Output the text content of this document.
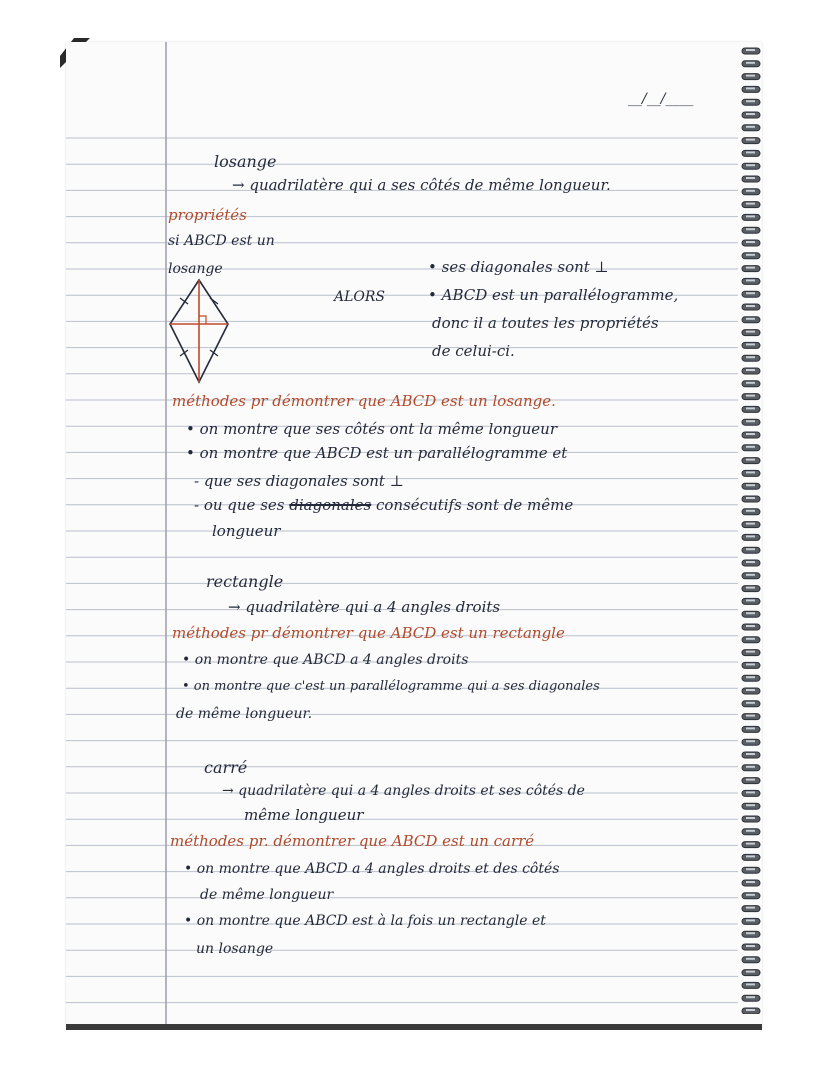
__/__/____
losange
→ quadrilatère qui a ses côtés de même longueur.
propriétés
si ABCD est un
losange
ALORS
• ses diagonales sont ⊥
• ABCD est un parallélogramme,
donc il a toutes les propriétés
de celui-ci.
méthodes pr démontrer que ABCD est un losange.
• on montre que ses côtés ont la même longueur
• on montre que ABCD est un parallélogramme et
- que ses diagonales sont ⊥
- ou que ses diagonales consécutifs sont de même
longueur
rectangle
→ quadrilatère qui a 4 angles droits
méthodes pr démontrer que ABCD est un rectangle
• on montre que ABCD a 4 angles droits
• on montre que c'est un parallélogramme qui a ses diagonales
de même longueur.
carré
→ quadrilatère qui a 4 angles droits et ses côtés de
même longueur
méthodes pr. démontrer que ABCD est un carré
• on montre que ABCD a 4 angles droits et des côtés
de même longueur
• on montre que ABCD est à la fois un rectangle et
un losange
